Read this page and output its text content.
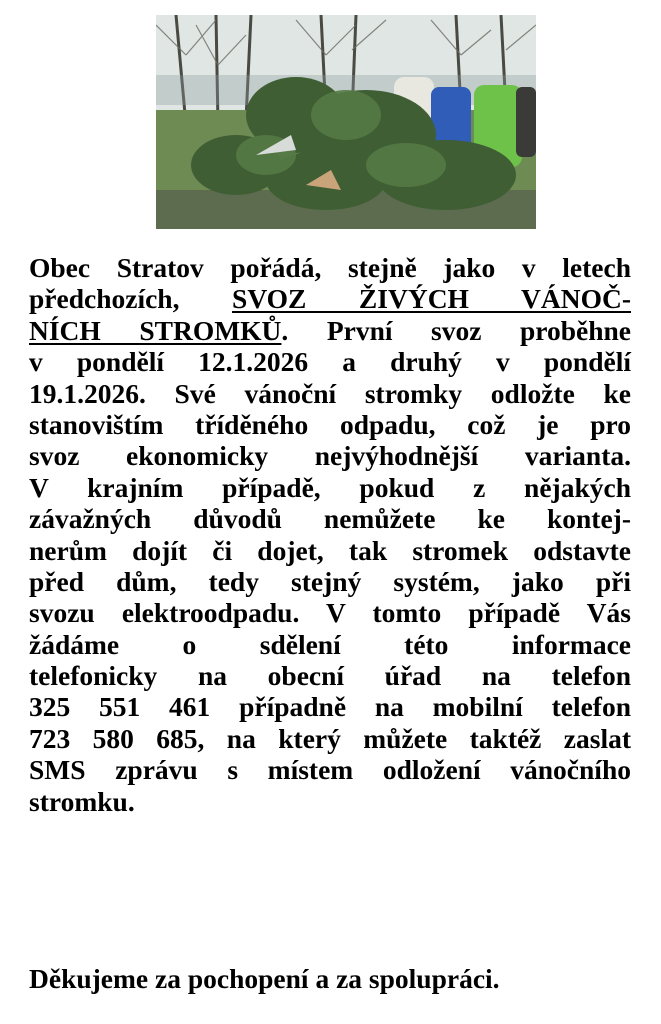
Obec Stratov pořádá, stejně jako v letech
předchozích, SVOZ ŽIVÝCH VÁNOČ-
NÍCH STROMKŮ. První svoz proběhne
v pondělí 12.1.2026 a druhý v pondělí
19.1.2026. Své vánoční stromky odložte ke
stanovištím tříděného odpadu, což je pro
svoz ekonomicky nejvýhodnější varianta.
V krajním případě, pokud z nějakých
závažných důvodů nemůžete ke kontej-
nerům dojít či dojet, tak stromek odstavte
před dům, tedy stejný systém, jako při
svozu elektroodpadu. V tomto případě Vás
žádáme o sdělení této informace
telefonicky na obecní úřad na telefon
325 551 461 případně na mobilní telefon
723 580 685, na který můžete taktéž zaslat
SMS zprávu s místem odložení vánočního
stromku.
Děkujeme za pochopení a za spolupráci.
